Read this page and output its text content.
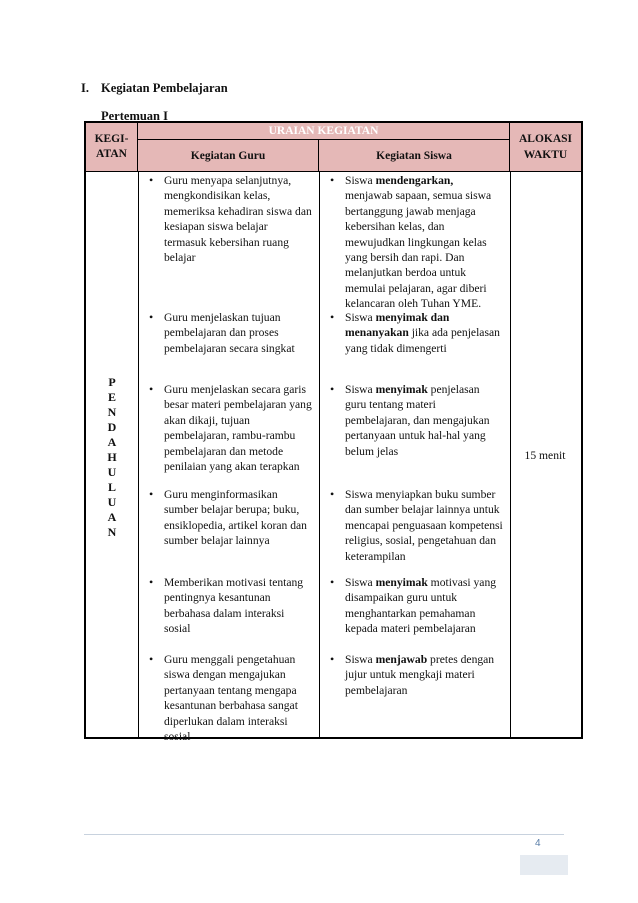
I. Kegiatan Pembelajaran
Pertemuan I
KEGI-ATAN
URAIAN KEGIATAN
Kegiatan Guru	Kegiatan Siswa
ALOKASI WAKTU
P
E
N
D
A
H
U
L
U
A
N
• Guru menyapa selanjutnya, mengkondisikan kelas, memeriksa kehadiran siswa dan kesiapan siswa belajar termasuk kebersihan ruang belajar
• Guru menjelaskan tujuan pembelajaran dan proses pembelajaran secara singkat
• Guru menjelaskan secara garis besar materi pembelajaran yang akan dikaji, tujuan pembelajaran, rambu-rambu pembelajaran dan metode penilaian yang akan terapkan
• Guru menginformasikan sumber belajar berupa; buku, ensiklopedia, artikel koran dan sumber belajar lainnya
• Memberikan motivasi tentang pentingnya kesantunan berbahasa dalam interaksi sosial
• Guru menggali pengetahuan siswa dengan mengajukan pertanyaan tentang mengapa kesantunan berbahasa sangat diperlukan dalam interaksi sosial
• Siswa mendengarkan, menjawab sapaan, semua siswa bertanggung jawab menjaga kebersihan kelas, dan mewujudkan lingkungan kelas yang bersih dan rapi. Dan melanjutkan berdoa untuk memulai pelajaran, agar diberi kelancaran oleh Tuhan YME.
• Siswa menyimak dan menanyakan jika ada penjelasan yang tidak dimengerti
• Siswa menyimak penjelasan guru tentang materi pembelajaran, dan mengajukan pertanyaan untuk hal-hal yang belum jelas
• Siswa menyiapkan buku sumber dan sumber belajar lainnya untuk mencapai penguasaan kompetensi religius, sosial, pengetahuan dan keterampilan
• Siswa menyimak motivasi yang disampaikan guru untuk menghantarkan pemahaman kepada materi pembelajaran
• Siswa menjawab pretes dengan jujur untuk mengkaji materi pembelajaran
15 menit
4
